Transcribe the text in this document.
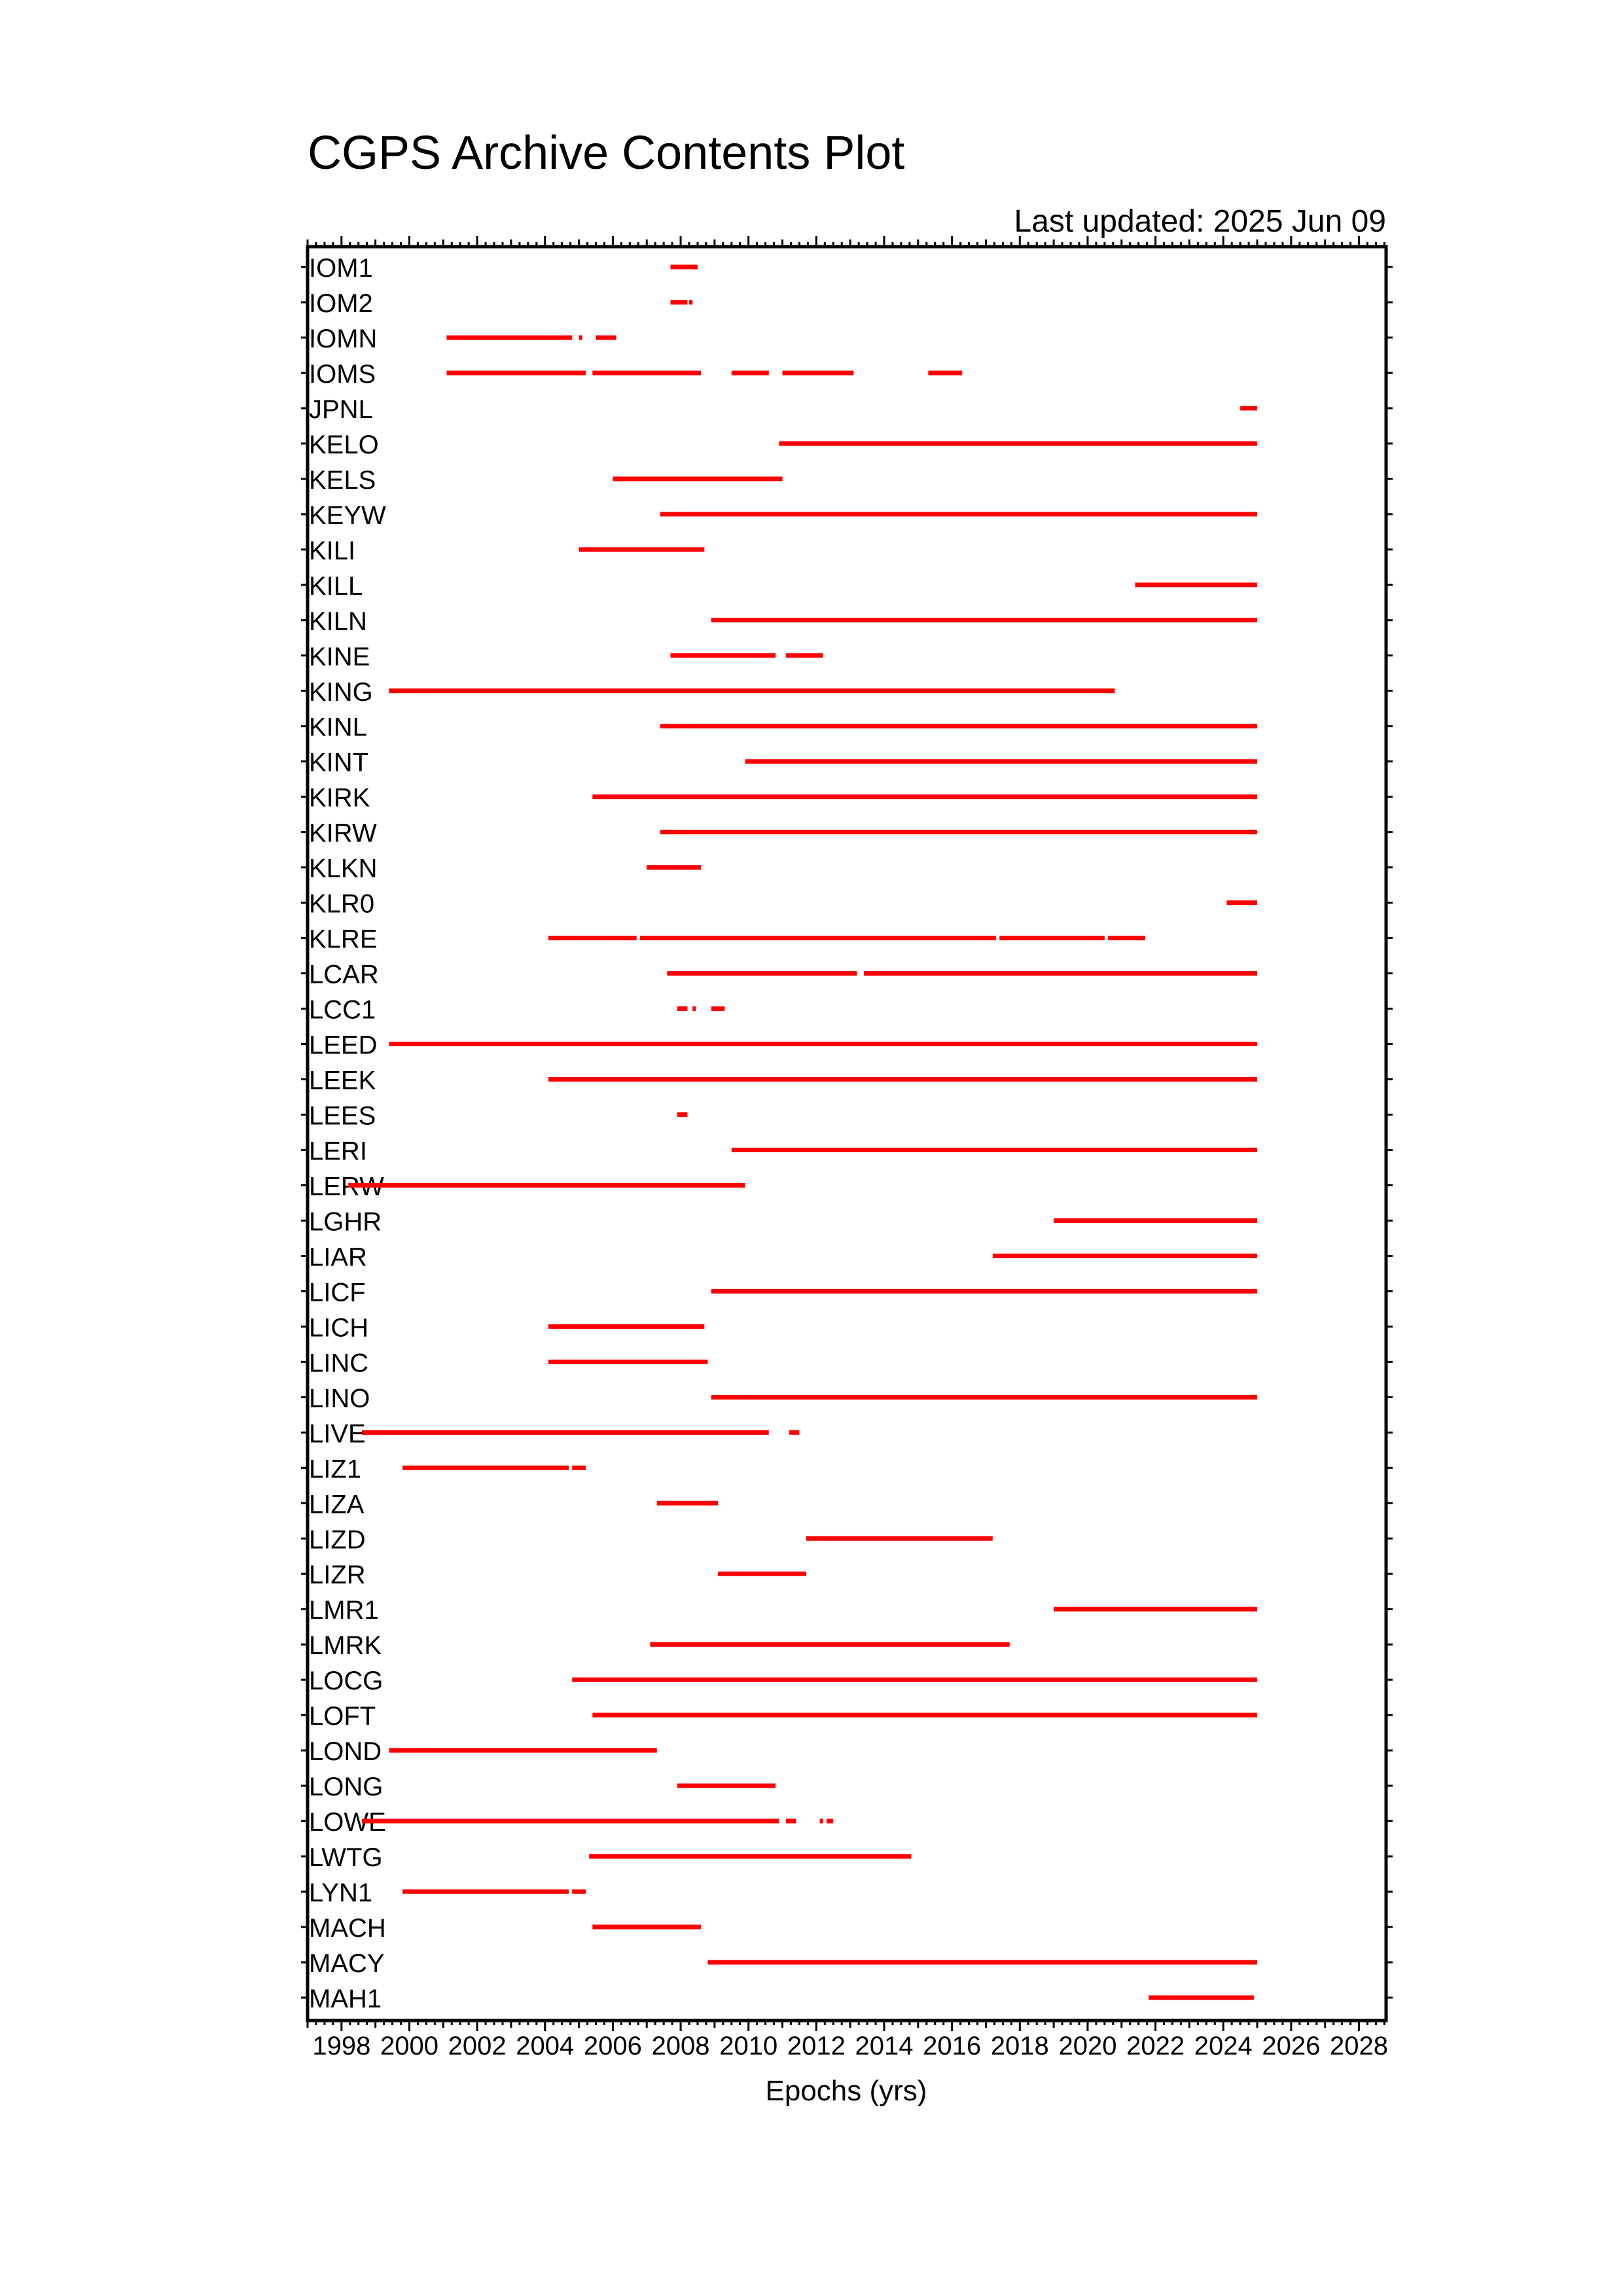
CGPS Archive Contents Plot
Last updated: 2025 Jun 09
1998 2000 2002 2004 2006 2008 2010 2012 2014 2016 2018 2020 2022 2024 2026 2028
IOM1
IOM2
IOMN
IOMS
JPNL
KELO
KELS
KEYW
KILI
KILL
KILN
KINE
KING
KINL
KINT
KIRK
KIRW
KLKN
KLR0
KLRE
LCAR
LCC1
LEED
LEEK
LEES
LERI
LERW
LGHR
LIAR
LICF
LICH
LINC
LINO
LIVE
LIZ1
LIZA
LIZD
LIZR
LMR1
LMRK
LOCG
LOFT
LOND
LONG
LOWE
LWTG
LYN1
MACH
MACY
MAH1
Epochs (yrs)
